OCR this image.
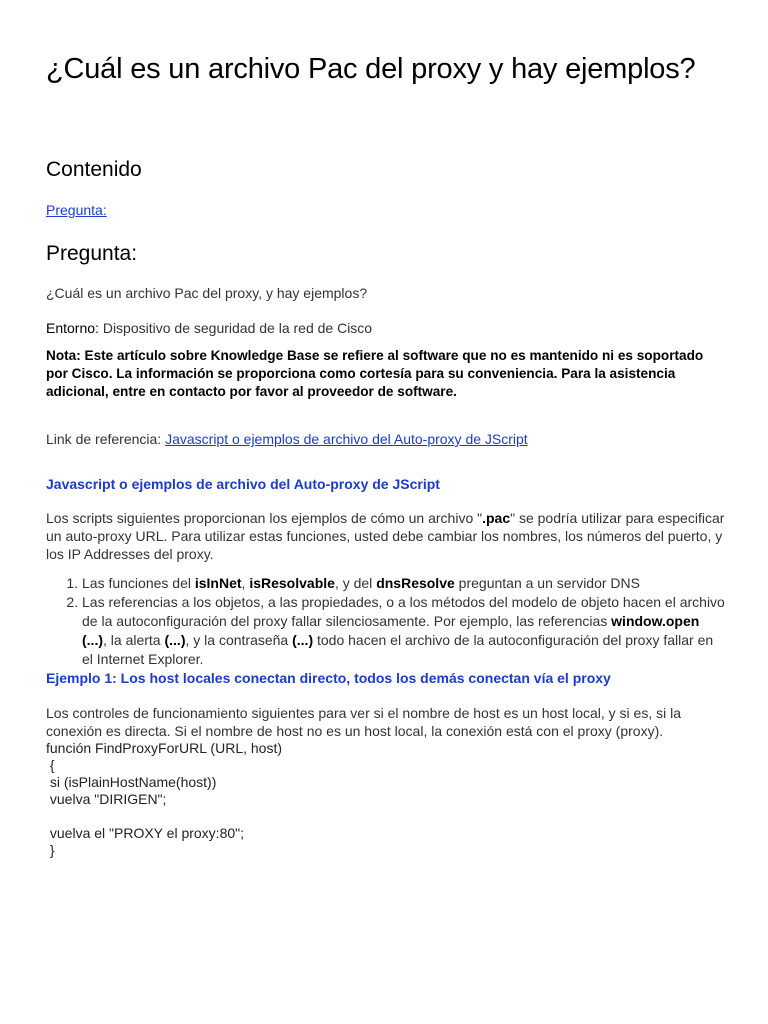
¿Cuál es un archivo Pac del proxy y hay ejemplos?
Contenido
Pregunta:
Pregunta:

¿Cuál es un archivo Pac del proxy, y hay ejemplos?

Entorno: Dispositivo de seguridad de la red de Cisco

Nota: Este artículo sobre Knowledge Base se refiere al software que no es mantenido ni es soportado por Cisco. La información se proporciona como cortesía para su conveniencia. Para la asistencia adicional, entre en contacto por favor al proveedor de software.

Link de referencia: Javascript o ejemplos de archivo del Auto-proxy de JScript

Javascript o ejemplos de archivo del Auto-proxy de JScript

Los scripts siguientes proporcionan los ejemplos de cómo un archivo ".pac" se podría utilizar para especificar un auto-proxy URL. Para utilizar estas funciones, usted debe cambiar los nombres, los números del puerto, y los IP Addresses del proxy.

1. Las funciones del isInNet, isResolvable, y del dnsResolve preguntan a un servidor DNS
2. Las referencias a los objetos, a las propiedades, o a los métodos del modelo de objeto hacen el archivo de la autoconfiguración del proxy fallar silenciosamente. Por ejemplo, las referencias window.open (...), la alerta (...), y la contraseña (...) todo hacen el archivo de la autoconfiguración del proxy fallar en el Internet Explorer.

Ejemplo 1: Los host locales conectan directo, todos los demás conectan vía el proxy

Los controles de funcionamiento siguientes para ver si el nombre de host es un host local, y si es, si la conexión es directa. Si el nombre de host no es un host local, la conexión está con el proxy (proxy).

función FindProxyForURL (URL, host)
{
si (isPlainHostName(host))
vuelva "DIRIGEN";

vuelva el "PROXY el proxy:80";
}
